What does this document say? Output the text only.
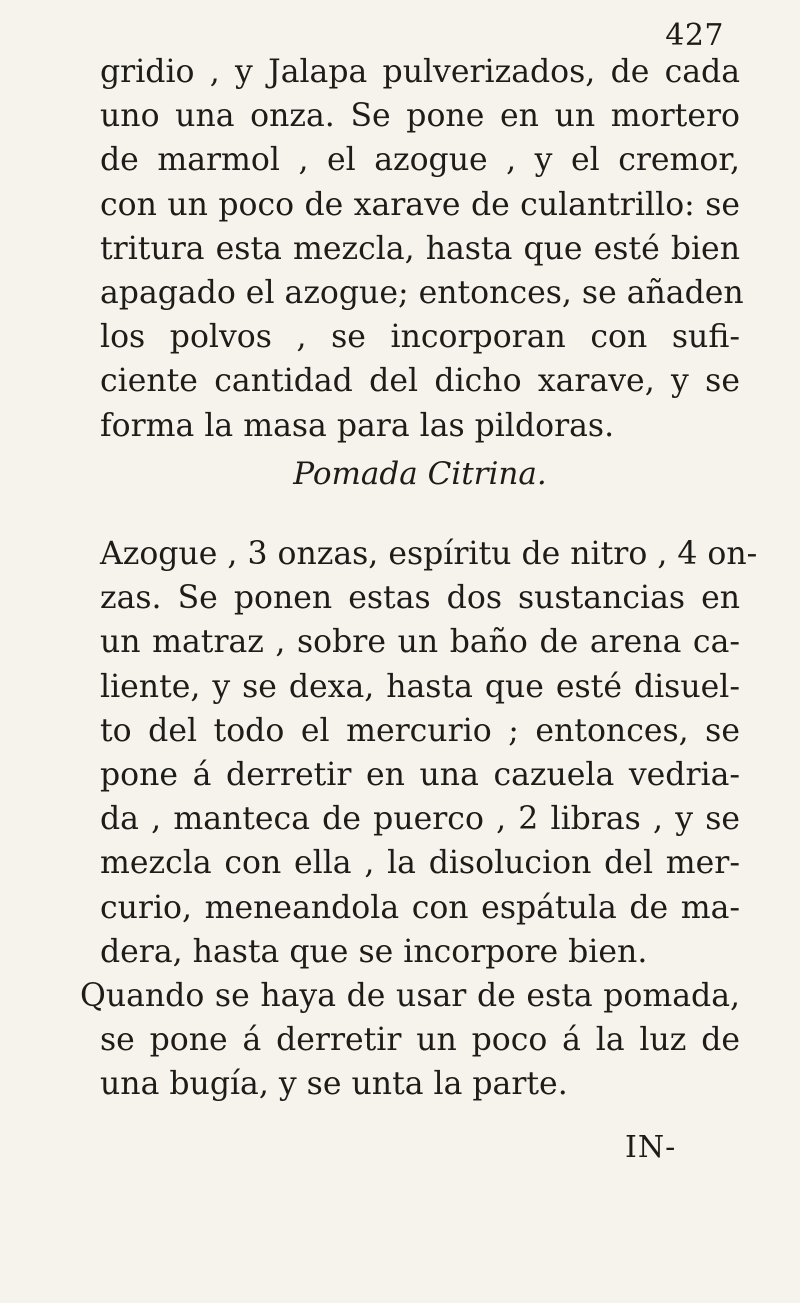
427
gridio , y Jalapa pulverizados, de cada
uno una onza. Se pone en un mortero
de marmol , el azogue , y el cremor,
con un poco de xarave de culantrillo: se
tritura esta mezcla, hasta que esté bien
apagado el azogue; entonces, se añaden
los polvos , se incorporan con sufi-
ciente cantidad del dicho xarave, y se
forma la masa para las pildoras.
Pomada Citrina.
Azogue , 3 onzas, espíritu de nitro , 4 on-
zas. Se ponen estas dos sustancias en
un matraz , sobre un baño de arena ca-
liente, y se dexa, hasta que esté disuel-
to del todo el mercurio ; entonces, se
pone á derretir en una cazuela vedria-
da , manteca de puerco , 2 libras , y se
mezcla con ella , la disolucion del mer-
curio, meneandola con espátula de ma-
dera, hasta que se incorpore bien.
Quando se haya de usar de esta pomada,
se pone á derretir un poco á la luz de
una bugía, y se unta la parte.
IN-
